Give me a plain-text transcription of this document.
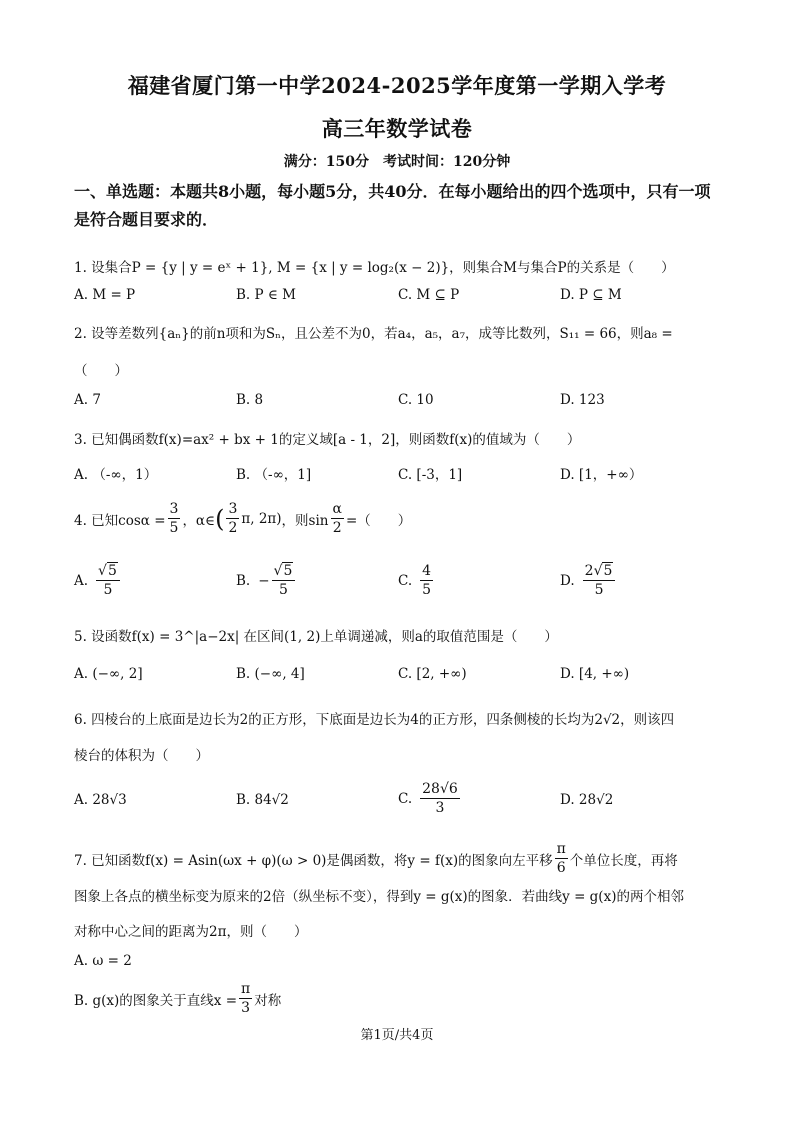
福建省厦门第一中学2024-2025学年度第一学期入学考
高三年数学试卷
满分：150分　考试时间：120分钟
一、单选题：本题共8小题，每小题5分，共40分．在每小题给出的四个选项中，只有一项
是符合题目要求的．
1. 设集合P = {y | y = eˣ + 1}, M = {x | y = log₂(x − 2)}，则集合M与集合P的关系是（　　）
A. M = P	B. P ∈ M	C. M ⊆ P	D. P ⊆ M
2. 设等差数列{aₙ}的前n项和为Sₙ，且公差不为0，若a₄，a₅，a₇，成等比数列，S₁₁ = 66，则a₈ =
（　　）
A. 7	B. 8	C. 10	D. 123
3. 已知偶函数f(x)=ax² + bx + 1的定义域[a - 1，2]，则函数f(x)的值域为（　　）
A. （-∞，1）	B. （-∞，1]	C. [-3，1]	D. [1，+∞）
4. 已知$\cos\alpha = \frac{3}{5}$ ，α∈ ( $\frac{3}{2} \pi$, 2π) ，则$\sin \frac{\alpha}{2}$ =（　　）
A. $\frac{√5}{5}$	B. − $\frac{√5}{5}$	C. $\frac{4}{5}$	D. $\frac{2√5}{5}$
5. 设函数f(x) = 3^|a−2x| 在区间(1, 2)上单调递减，则a的取值范围是（　　）
A. (−∞, 2]	B. (−∞, 4]	C. [2, +∞)	D. [4, +∞)
6. 四棱台的上底面是边长为2的正方形，下底面是边长为4的正方形，四条侧棱的长均为2√2，则该四
棱台的体积为（　　）
A. 28√3	B. 84√2	C. $\frac{28√6}{3}$	D. 28√2
7. 已知函数f(x) = Asin(ωx + φ)(ω > 0)是偶函数，将y = f(x)的图象向左平移 $\frac{\pi}{6}$ 个单位长度，再将
图象上各点的横坐标变为原来的2倍（纵坐标不变），得到y = g(x)的图象．若曲线y = g(x)的两个相邻
对称中心之间的距离为2π，则（　　）
A. ω = 2
B. g(x)的图象关于直线$x = \frac{\pi}{3}$ 对称
第1页/共4页
